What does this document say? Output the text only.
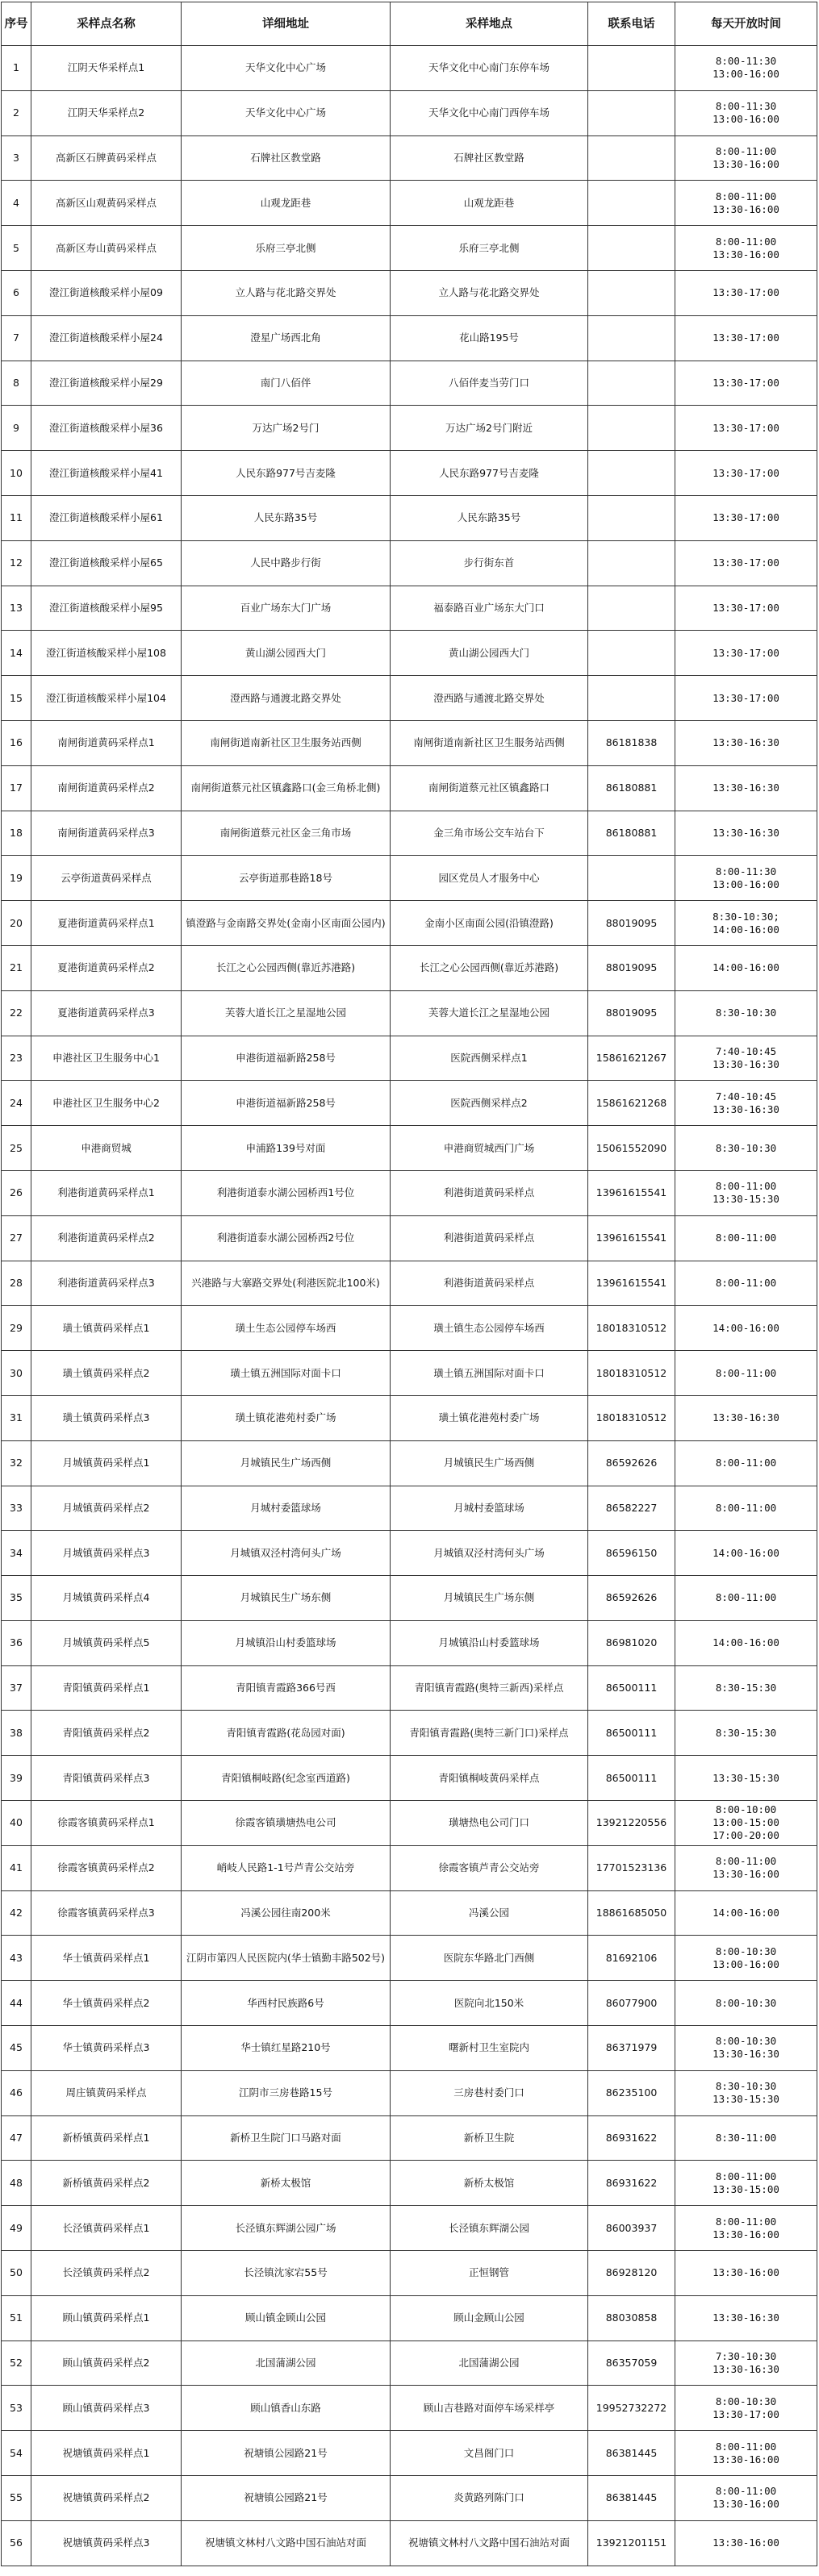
序号	采样点名称	详细地址	采样地点	联系电话	每天开放时间
1	江阴天华采样点1	天华文化中心广场	天华文化中心南门东停车场		8:00-11:30
13:00-16:00
2	江阴天华采样点2	天华文化中心广场	天华文化中心南门西停车场		8:00-11:30
13:00-16:00
3	高新区石牌黄码采样点	石牌社区教堂路	石牌社区教堂路		8:00-11:00
13:30-16:00
4	高新区山观黄码采样点	山观龙距巷	山观龙距巷		8:00-11:00
13:30-16:00
5	高新区寿山黄码采样点	乐府三亭北侧	乐府三亭北侧		8:00-11:00
13:30-16:00
6	澄江街道核酸采样小屋09	立人路与花北路交界处	立人路与花北路交界处		13:30-17:00
7	澄江街道核酸采样小屋24	澄星广场西北角	花山路195号		13:30-17:00
8	澄江街道核酸采样小屋29	南门八佰伴	八佰伴麦当劳门口		13:30-17:00
9	澄江街道核酸采样小屋36	万达广场2号门	万达广场2号门附近		13:30-17:00
10	澄江街道核酸采样小屋41	人民东路977号吉麦隆	人民东路977号吉麦隆		13:30-17:00
11	澄江街道核酸采样小屋61	人民东路35号	人民东路35号		13:30-17:00
12	澄江街道核酸采样小屋65	人民中路步行街	步行街东首		13:30-17:00
13	澄江街道核酸采样小屋95	百业广场东大门广场	福泰路百业广场东大门口		13:30-17:00
14	澄江街道核酸采样小屋108	黄山湖公园西大门	黄山湖公园西大门		13:30-17:00
15	澄江街道核酸采样小屋104	澄西路与通渡北路交界处	澄西路与通渡北路交界处		13:30-17:00
16	南闸街道黄码采样点1	南闸街道南新社区卫生服务站西侧	南闸街道南新社区卫生服务站西侧	86181838	13:30-16:30
17	南闸街道黄码采样点2	南闸街道蔡元社区镇鑫路口(金三角桥北侧)	南闸街道蔡元社区镇鑫路口	86180881	13:30-16:30
18	南闸街道黄码采样点3	南闸街道蔡元社区金三角市场	金三角市场公交车站台下	86180881	13:30-16:30
19	云亭街道黄码采样点	云亭街道那巷路18号	园区党员人才服务中心		8:00-11:30
13:00-16:00
20	夏港街道黄码采样点1	镇澄路与金南路交界处(金南小区南面公园内)	金南小区南面公园(沿镇澄路)	88019095	8:30-10:30;
14:00-16:00
21	夏港街道黄码采样点2	长江之心公园西侧(靠近苏港路)	长江之心公园西侧(靠近苏港路)	88019095	14:00-16:00
22	夏港街道黄码采样点3	芙蓉大道长江之星湿地公园	芙蓉大道长江之星湿地公园	88019095	8:30-10:30
23	申港社区卫生服务中心1	申港街道福新路258号	医院西侧采样点1	15861621267	7:40-10:45
13:30-16:30
24	申港社区卫生服务中心2	申港街道福新路258号	医院西侧采样点2	15861621268	7:40-10:45
13:30-16:30
25	申港商贸城	申浦路139号对面	申港商贸城西门广场	15061552090	8:30-10:30
26	利港街道黄码采样点1	利港街道泰水湖公园桥西1号位	利港街道黄码采样点	13961615541	8:00-11:00
13:30-15:30
27	利港街道黄码采样点2	利港街道泰水湖公园桥西2号位	利港街道黄码采样点	13961615541	8:00-11:00
28	利港街道黄码采样点3	兴港路与大寨路交界处(利港医院北100米)	利港街道黄码采样点	13961615541	8:00-11:00
29	璜土镇黄码采样点1	璜土生态公园停车场西	璜土镇生态公园停车场西	18018310512	14:00-16:00
30	璜土镇黄码采样点2	璜土镇五洲国际对面卡口	璜土镇五洲国际对面卡口	18018310512	8:00-11:00
31	璜土镇黄码采样点3	璜土镇花港苑村委广场	璜土镇花港苑村委广场	18018310512	13:30-16:30
32	月城镇黄码采样点1	月城镇民生广场西侧	月城镇民生广场西侧	86592626	8:00-11:00
33	月城镇黄码采样点2	月城村委篮球场	月城村委篮球场	86582227	8:00-11:00
34	月城镇黄码采样点3	月城镇双泾村湾何头广场	月城镇双泾村湾何头广场	86596150	14:00-16:00
35	月城镇黄码采样点4	月城镇民生广场东侧	月城镇民生广场东侧	86592626	8:00-11:00
36	月城镇黄码采样点5	月城镇沿山村委篮球场	月城镇沿山村委篮球场	86981020	14:00-16:00
37	青阳镇黄码采样点1	青阳镇青霞路366号西	青阳镇青霞路(奥特三新西)采样点	86500111	8:30-15:30
38	青阳镇黄码采样点2	青阳镇青霞路(花岛园对面)	青阳镇青霞路(奥特三新门口)采样点	86500111	8:30-15:30
39	青阳镇黄码采样点3	青阳镇桐岐路(纪念室西道路)	青阳镇桐岐黄码采样点	86500111	13:30-15:30
40	徐霞客镇黄码采样点1	徐霞客镇璜塘热电公司	璜塘热电公司门口	13921220556	8:00-10:00
13:00-15:00
17:00-20:00
41	徐霞客镇黄码采样点2	峭岐人民路1-1号芦青公交站旁	徐霞客镇芦青公交站旁	17701523136	8:00-11:00
13:30-16:00
42	徐霞客镇黄码采样点3	冯溪公园往南200米	冯溪公园	18861685050	14:00-16:00
43	华士镇黄码采样点1	江阴市第四人民医院内(华士镇勤丰路502号)	医院东华路北门西侧	81692106	8:00-10:30
13:00-16:00
44	华士镇黄码采样点2	华西村民族路6号	医院向北150米	86077900	8:00-10:30
45	华士镇黄码采样点3	华士镇红星路210号	曙新村卫生室院内	86371979	8:00-10:30
13:30-16:30
46	周庄镇黄码采样点	江阴市三房巷路15号	三房巷村委门口	86235100	8:30-10:30
13:30-15:30
47	新桥镇黄码采样点1	新桥卫生院门口马路对面	新桥卫生院	86931622	8:30-11:00
48	新桥镇黄码采样点2	新桥太极馆	新桥太极馆	86931622	8:00-11:00
13:30-15:00
49	长泾镇黄码采样点1	长泾镇东辉湖公园广场	长泾镇东辉湖公园	86003937	8:00-11:00
13:30-16:00
50	长泾镇黄码采样点2	长泾镇沈家宕55号	正恒钢管	86928120	13:30-16:00
51	顾山镇黄码采样点1	顾山镇金顾山公园	顾山金顾山公园	88030858	13:30-16:30
52	顾山镇黄码采样点2	北国蒲湖公园	北国蒲湖公园	86357059	7:30-10:30
13:30-16:30
53	顾山镇黄码采样点3	顾山镇香山东路	顾山吉巷路对面停车场采样亭	19952732272	8:00-10:30
13:30-17:00
54	祝塘镇黄码采样点1	祝塘镇公园路21号	文昌阁门口	86381445	8:00-11:00
13:30-16:00
55	祝塘镇黄码采样点2	祝塘镇公园路21号	炎黄路列陈门口	86381445	8:00-11:00
13:30-16:00
56	祝塘镇黄码采样点3	祝塘镇文林村八文路中国石油站对面	祝塘镇文林村八文路中国石油站对面	13921201151	13:30-16:00
